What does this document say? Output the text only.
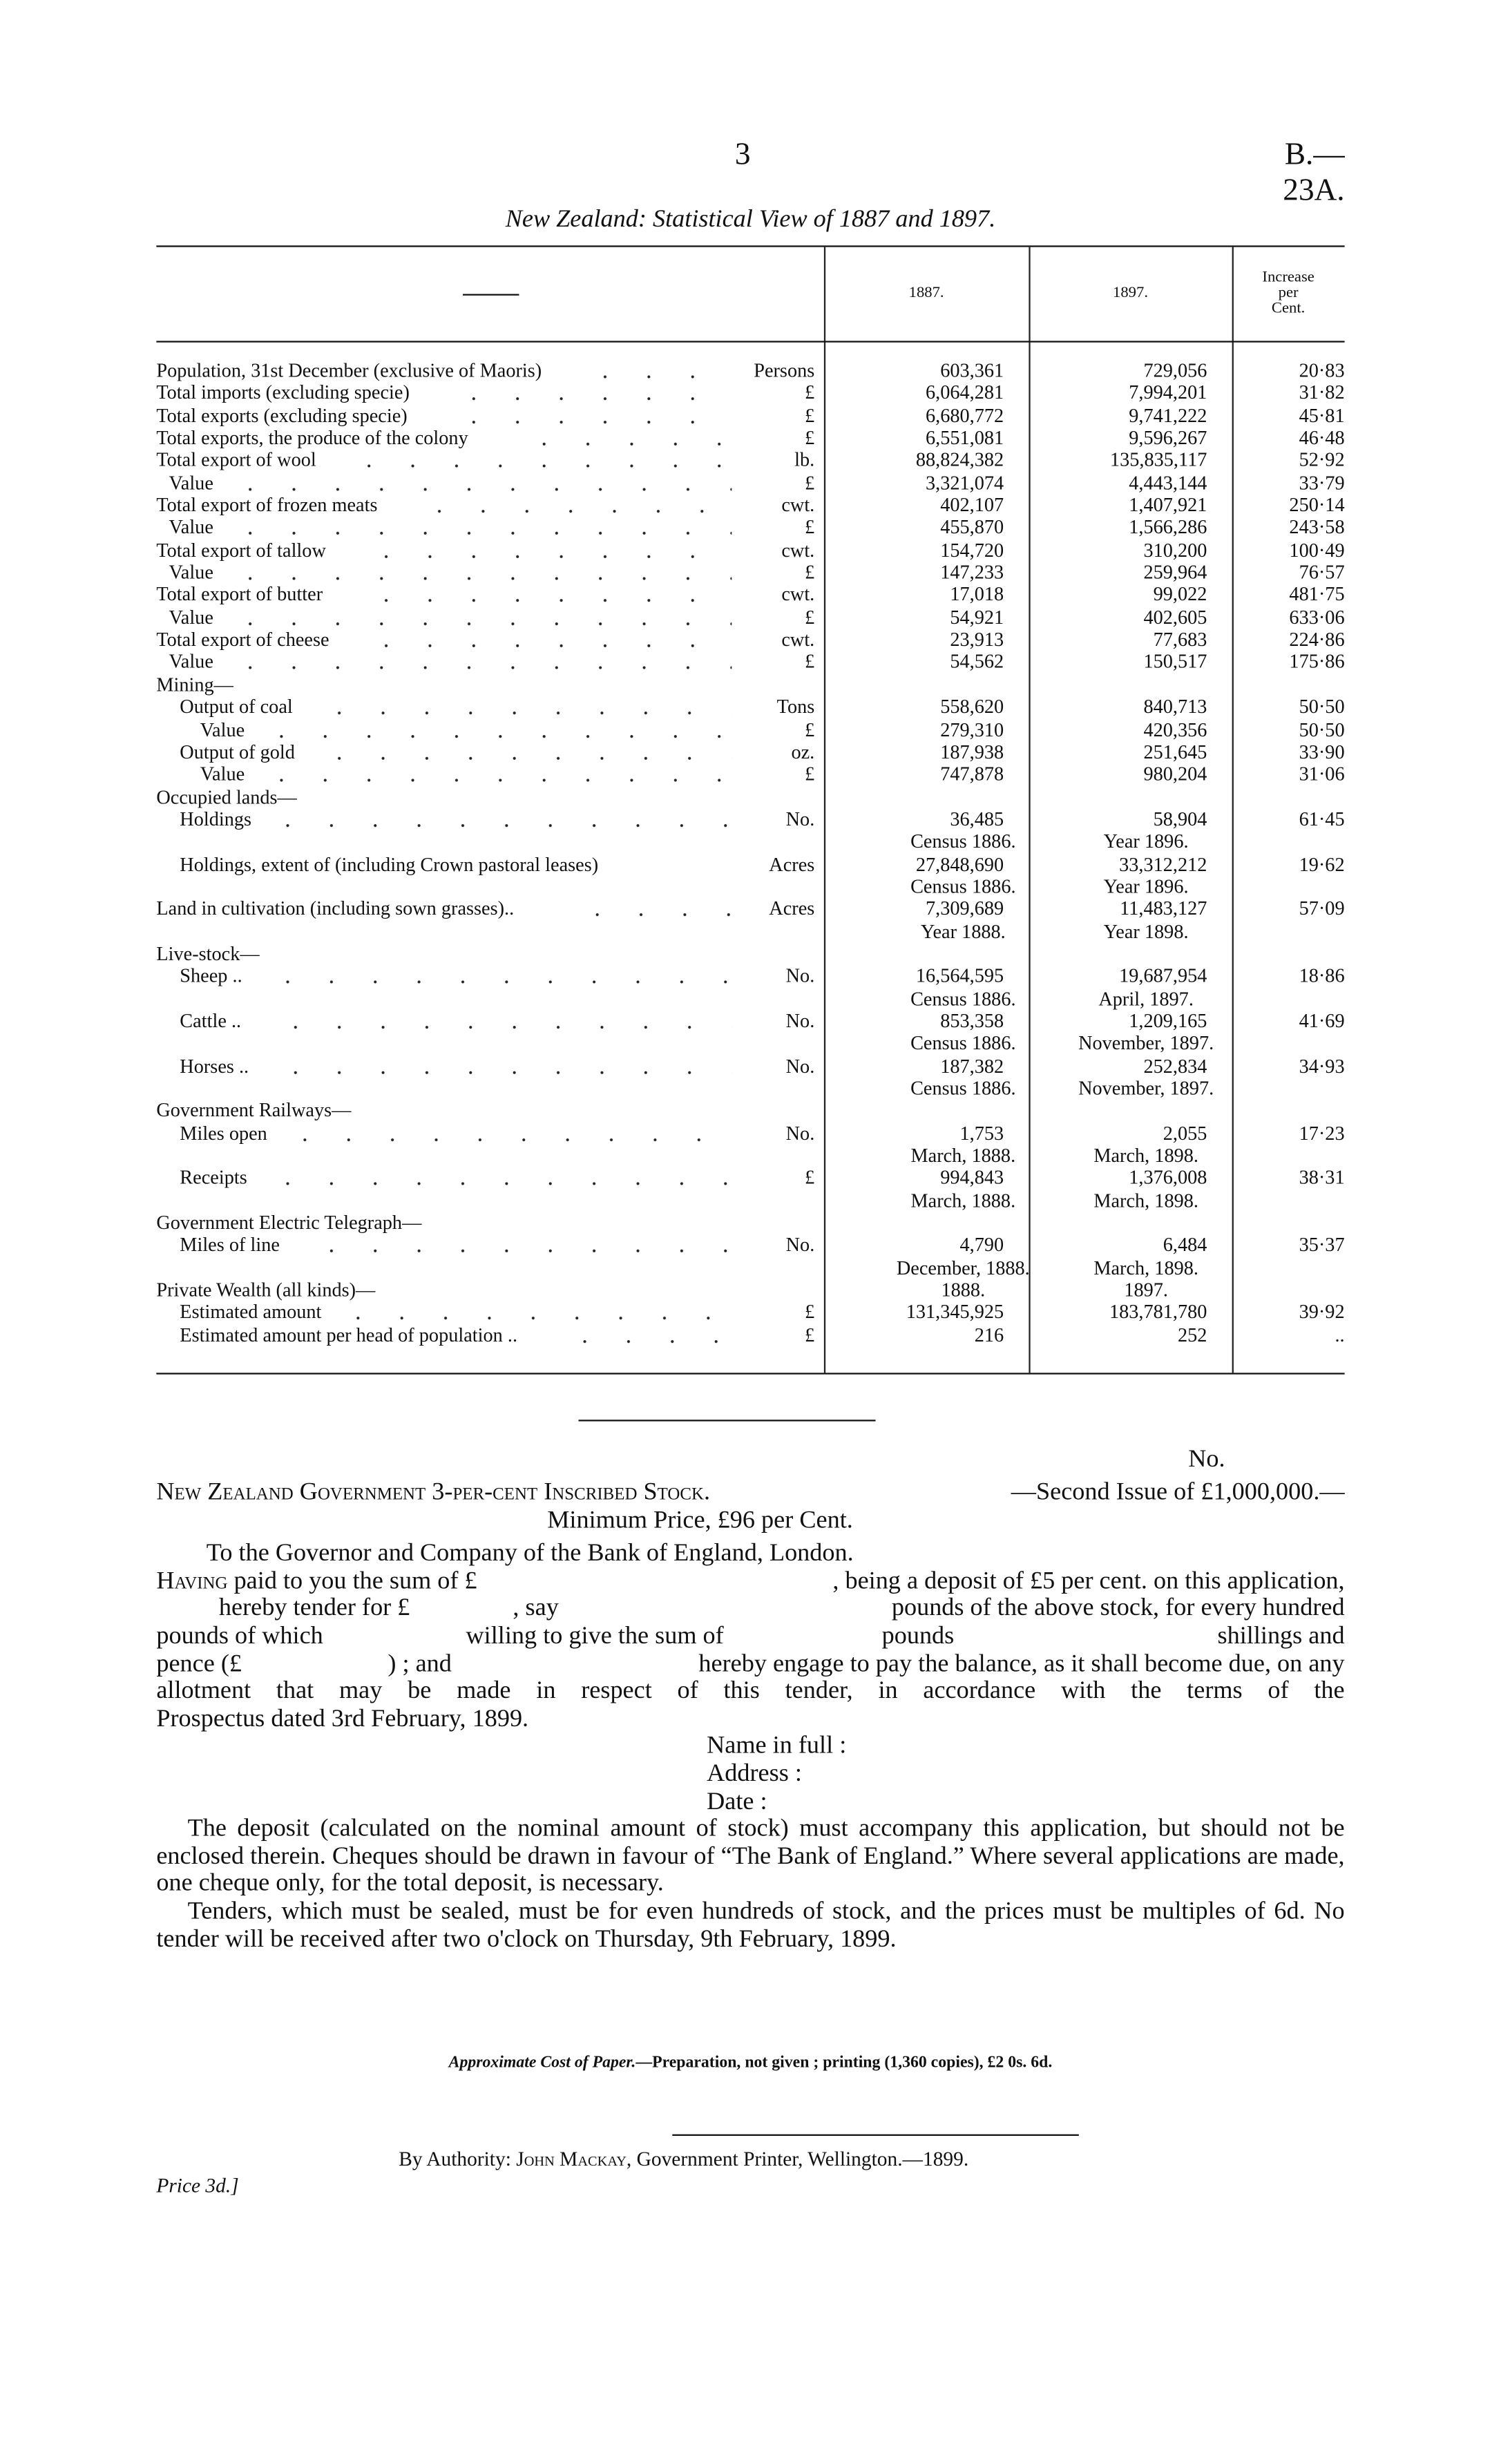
3	B.—23A.
New Zealand: Statistical View of 1887 and 1897.
1887.	1897.
Increase
per
Cent.
Population, 31st December (exclusive of Maoris)	Persons	603,361	729,056	20·83
Total imports (excluding specie)	£	6,064,281	7,994,201	31·82
Total exports (excluding specie)	£	6,680,772	9,741,222	45·81
Total exports, the produce of the colony	£	6,551,081	9,596,267	46·48
Total export of wool	lb.	88,824,382	135,835,117	52·92
Value	£	3,321,074	4,443,144	33·79
Total export of frozen meats	cwt.	402,107	1,407,921	250·14
Value	£	455,870	1,566,286	243·58
Total export of tallow	cwt.	154,720	310,200	100·49
Value	£	147,233	259,964	76·57
Total export of butter	cwt.	17,018	99,022	481·75
Value	£	54,921	402,605	633·06
Total export of cheese	cwt.	23,913	77,683	224·86
Value	£	54,562	150,517	175·86
Mining—
Output of coal	Tons	558,620	840,713	50·50
Value	£	279,310	420,356	50·50
Output of gold	oz.	187,938	251,645	33·90
Value	£	747,878	980,204	31·06
Occupied lands—
Holdings	No.	36,485	58,904	61·45
Census 1886.	Year 1896.
Holdings, extent of (including Crown pastoral leases)	Acres	27,848,690	33,312,212	19·62
Census 1886.	Year 1896.
Land in cultivation (including sown grasses)..	Acres	7,309,689	11,483,127	57·09
Year 1888.	Year 1898.
Live-stock—
Sheep ..	No.	16,564,595	19,687,954	18·86
Census 1886.	April, 1897.
Cattle ..	No.	853,358	1,209,165	41·69
Census 1886.	November, 1897.
Horses ..	No.	187,382	252,834	34·93
Census 1886.	November, 1897.
Government Railways—
Miles open	No.	1,753	2,055	17·23
March, 1888.	March, 1898.
Receipts	£	994,843	1,376,008	38·31
March, 1888.	March, 1898.
Government Electric Telegraph—
Miles of line	No.	4,790	6,484	35·37
December, 1888.	March, 1898.
Private Wealth (all kinds)—	1888.	1897.
Estimated amount	£	131,345,925	183,781,780	39·92
Estimated amount per head of population ..	£	216	252	..
No.
New Zealand Government 3-per-cent Inscribed Stock.	—Second Issue of £1,000,000.—
Minimum Price, £96 per Cent.
To the Governor and Company of the Bank of England, London.
Having paid to you the sum of £	, being a deposit of £5 per cent. on this application,
hereby tender for £	, say	pounds of the above stock, for every hundred
pounds of which	willing to give the sum of	pounds	shillings and
pence (£	) ; and	hereby engage to pay the balance, as it shall become due, on any
allotment that may be made in respect of this tender, in accordance with the terms of the
Prospectus dated 3rd February, 1899.
Name in full :
Address :
Date :
The deposit (calculated on the nominal amount of stock) must accompany this application, but should not be enclosed therein. Cheques should be drawn in favour of “The Bank of England.” Where several applications are made, one cheque only, for the total deposit, is necessary.
Tenders, which must be sealed, must be for even hundreds of stock, and the prices must be multiples of 6d. No tender will be received after two o'clock on Thursday, 9th February, 1899.
Approximate Cost of Paper.—Preparation, not given ; printing (1,360 copies), £2 0s. 6d.
By Authority: John Mackay, Government Printer, Wellington.—1899.
Price 3d.]
